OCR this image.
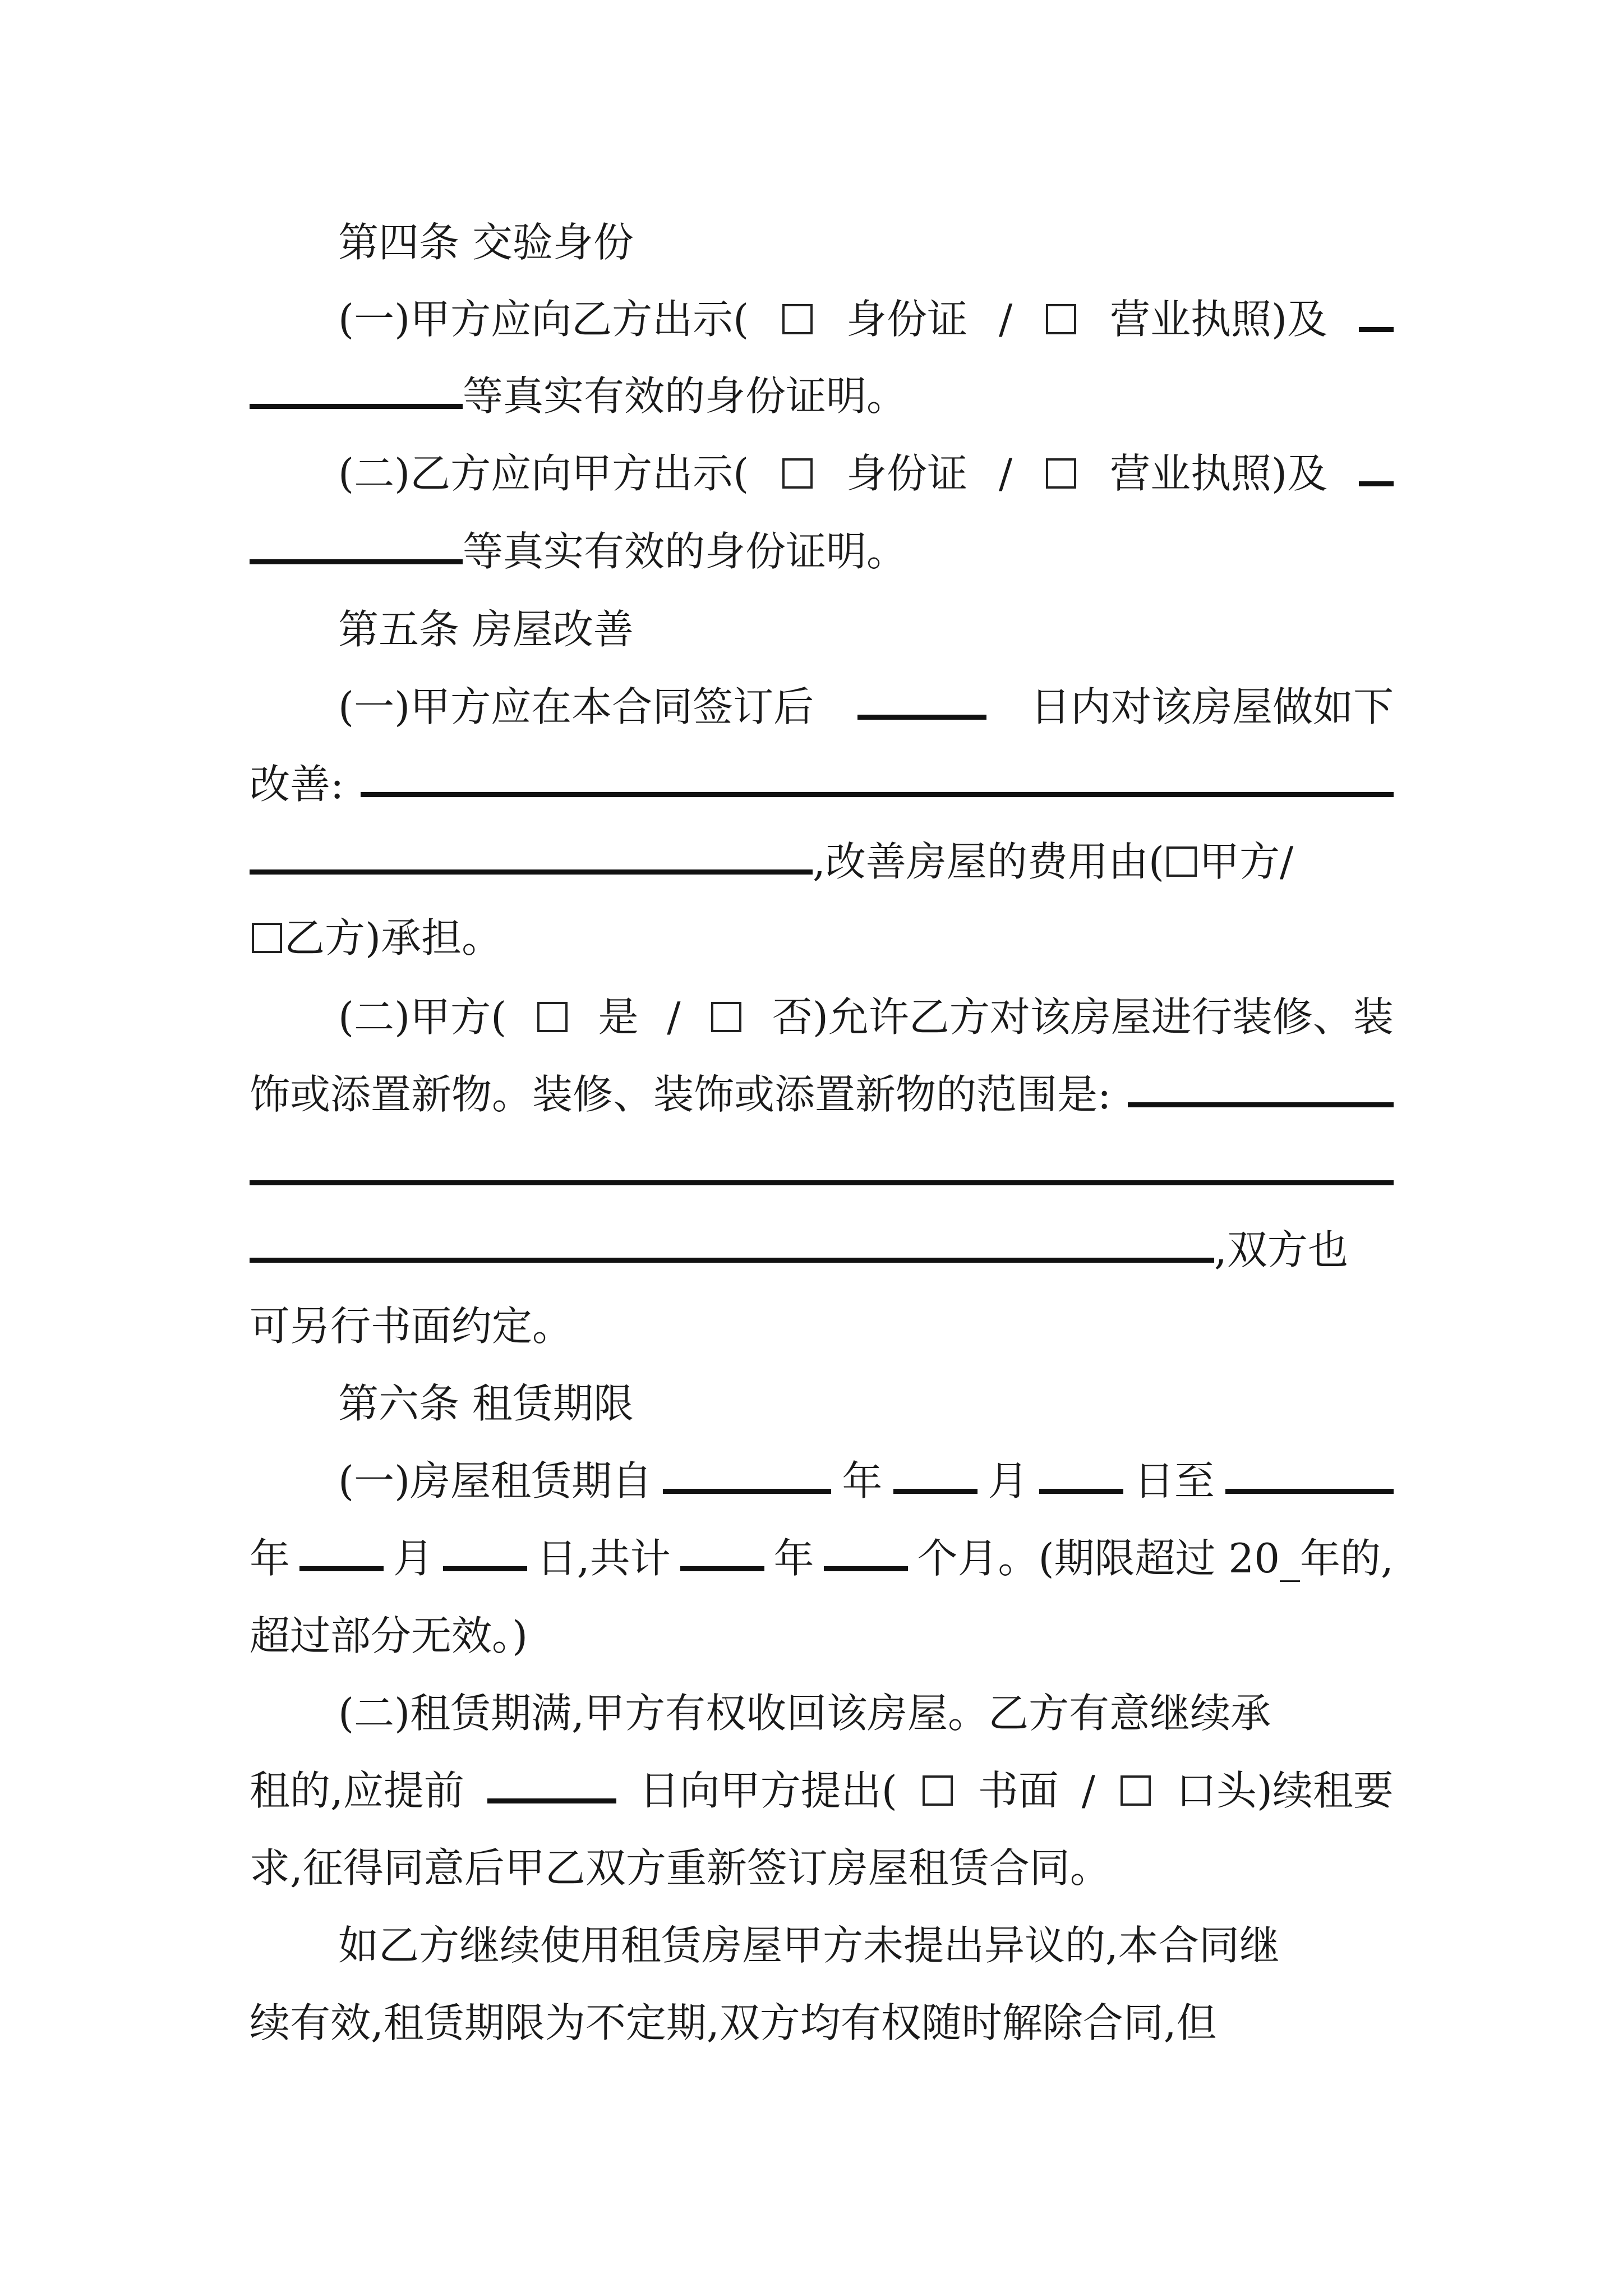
第四条 交验身份
(一)甲方应向乙方出示( 身份证 / 营业执照)及
等真实有效的身份证明。
(二)乙方应向甲方出示( 身份证 / 营业执照)及
等真实有效的身份证明。
第五条 房屋改善
(一)甲方应在本合同签订后	日内对该房屋做如下
改善:
,改善房屋的费用由( 甲方/
乙方)承担。
(二)甲方( 是 / 否)允许乙方对该房屋进行装修、装
饰或添置新物。装修、装饰或添置新物的范围是:
,双方也
可另行书面约定。
第六条 租赁期限
(一)房屋租赁期自	年	月	日至
年	月	日,共计	年	个月。(期限超过 20_年的,
超过部分无效。)
(二)租赁期满,甲方有权收回该房屋。乙方有意继续承
租的,应提前	日向甲方提出( 书面 / 口头)续租要
求,征得同意后甲乙双方重新签订房屋租赁合同。
如乙方继续使用租赁房屋甲方未提出异议的,本合同继
续有效,租赁期限为不定期,双方均有权随时解除合同,但
